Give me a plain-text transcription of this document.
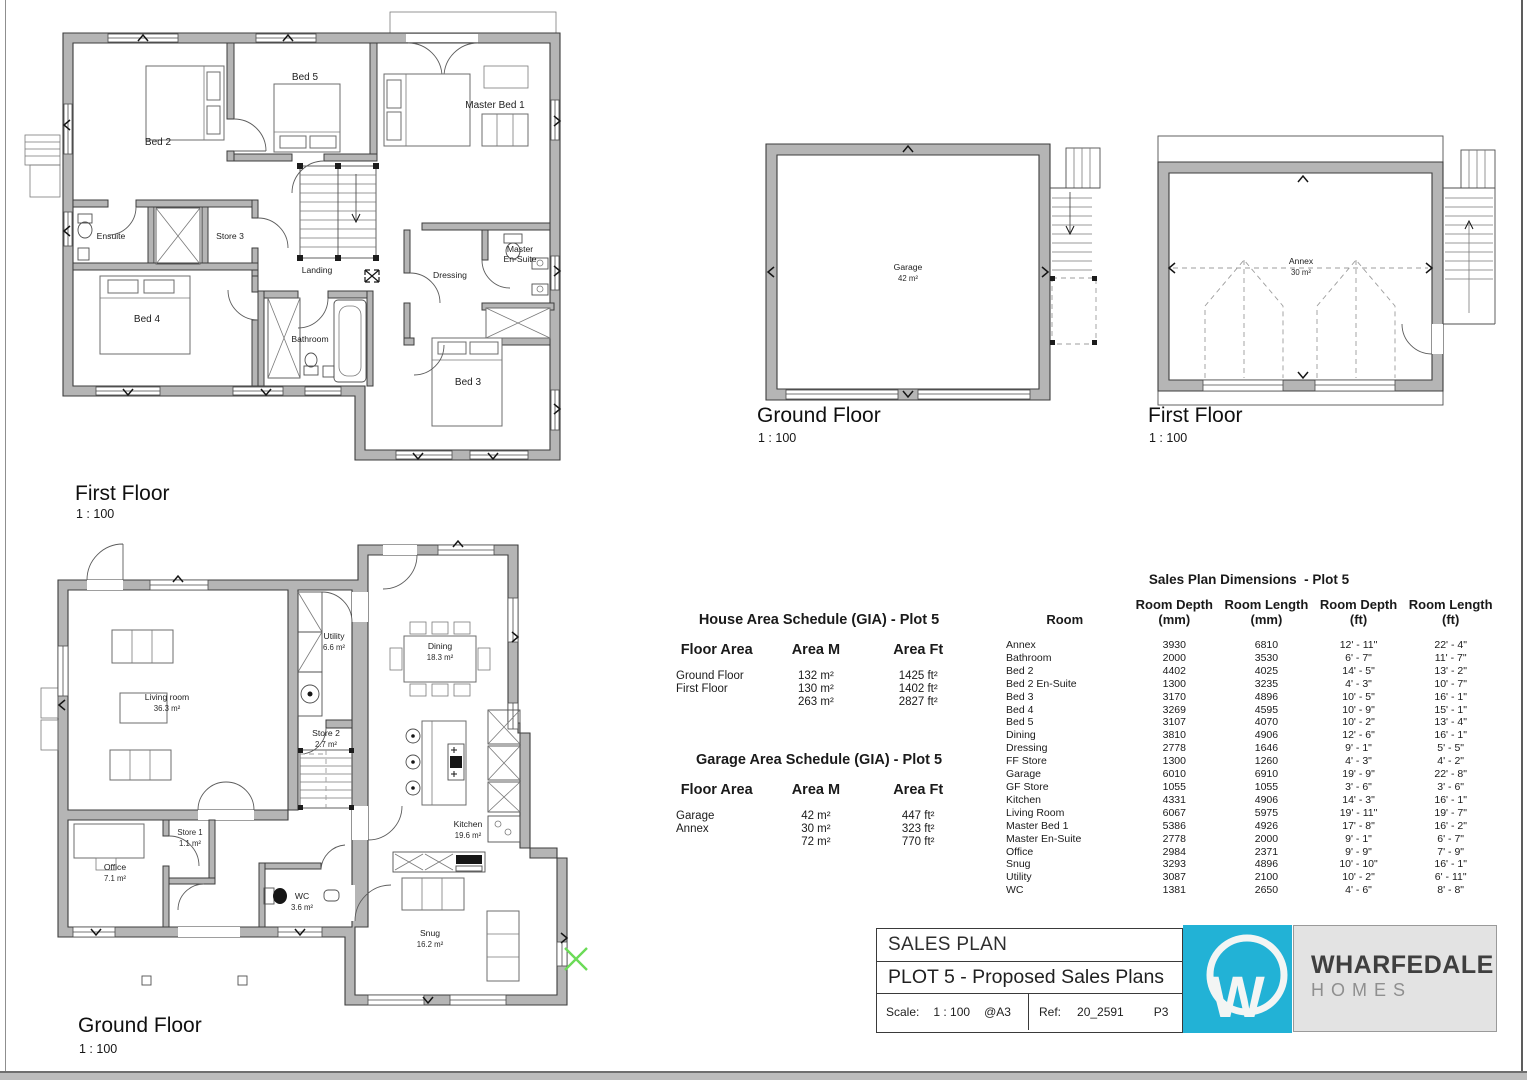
Bed 2
Bed 5
Master Bed 1
Ensuite	Store 3
Landing	Dressing
Master
En-Suite
Bed 4
Bathroom
Bed 3
First Floor
1 : 100
Garage
42 m²
Ground Floor
1 : 100
Annex
30 m²
First Floor
1 : 100
Living room
36.3 m²
Utility
6.6 m²	Dining
18.3 m²
Store 2
2.7 m²
Office
7.1 m²
Store 1
1.1 m²
WC
3.6 m²
Kitchen
19.6 m²
Snug
16.2 m²
Ground Floor
1 : 100
House Area Schedule (GIA) - Plot 5
Floor Area	Area M	Area Ft
Ground Floor	132 m²	1425 ft²
First Floor	130 m²	1402 ft²
	263 m²	2827 ft²
Garage Area Schedule (GIA) - Plot 5
Floor Area	Area M	Area Ft
Garage	42 m²	447 ft²
Annex	30 m²	323 ft²
	72 m²	770 ft²
Sales Plan Dimensions  - Plot 5
Room	Room Depth (mm)	Room Length (mm)	Room Depth (ft)	Room Length (ft)
Annex	3930	6810	12' - 11"	22' - 4"
Bathroom	2000	3530	6' - 7"	11' - 7"
Bed 2	4402	4025	14' - 5"	13' - 2"
Bed 2 En-Suite	1300	3235	4' - 3"	10' - 7"
Bed 3	3170	4896	10' - 5"	16' - 1"
Bed 4	3269	4595	10' - 9"	15' - 1"
Bed 5	3107	4070	10' - 2"	13' - 4"
Dining	3810	4906	12' - 6"	16' - 1"
Dressing	2778	1646	9' - 1"	5' - 5"
FF Store	1300	1260	4' - 3"	4' - 2"
Garage	6010	6910	19' - 9"	22' - 8"
GF Store	1055	1055	3' - 6"	3' - 6"
Kitchen	4331	4906	14' - 3"	16' - 1"
Living Room	6067	5975	19' - 11"	19' - 7"
Master Bed 1	5386	4926	17' - 8"	16' - 2"
Master En-Suite	2778	2000	9' - 1"	6' - 7"
Office	2984	2371	9' - 9"	7' - 9"
Snug	3293	4896	10' - 10"	16' - 1"
Utility	3087	2100	10' - 2"	6' - 11"
WC	1381	2650	4' - 6"	8' - 8"
SALES PLAN
PLOT 5 - Proposed Sales Plans
Scale: 1 : 100 @A3 Ref: 20_2591	P3 W WHARFEDALE
HOMES
